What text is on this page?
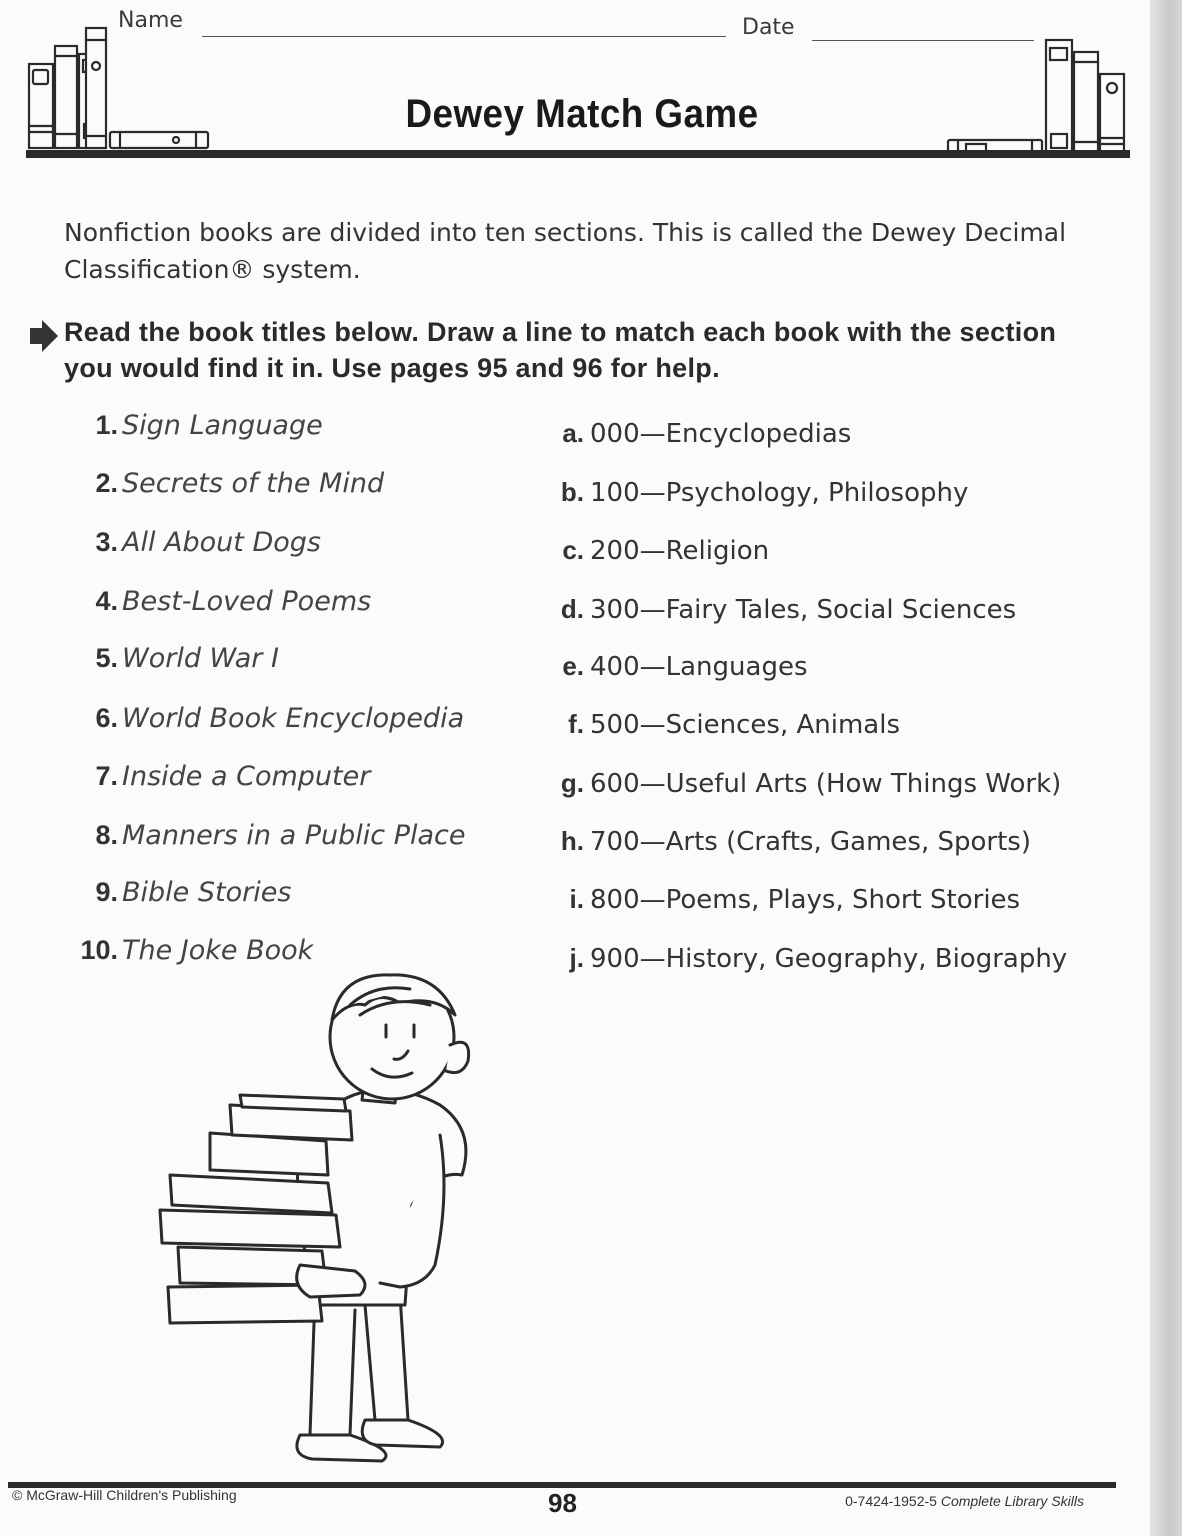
Name	Date
Dewey Match Game
Nonfiction books are divided into ten sections. This is called the Dewey Decimal Classification® system.
Read the book titles below. Draw a line to match each book with the section you would find it in. Use pages 95 and 96 for help.
1. Sign Language
2. Secrets of the Mind
3. All About Dogs
4. Best-Loved Poems
5. World War I
6. World Book Encyclopedia
7. Inside a Computer
8. Manners in a Public Place
9. Bible Stories
10. The Joke Book
a. 000—Encyclopedias
b. 100—Psychology, Philosophy
c. 200—Religion
d. 300—Fairy Tales, Social Sciences
e. 400—Languages
f. 500—Sciences, Animals
g. 600—Useful Arts (How Things Work)
h. 700—Arts (Crafts, Games, Sports)
i. 800—Poems, Plays, Short Stories
j. 900—History, Geography, Biography
© McGraw-Hill Children's Publishing	98	0-7424-1952-5 Complete Library Skills
